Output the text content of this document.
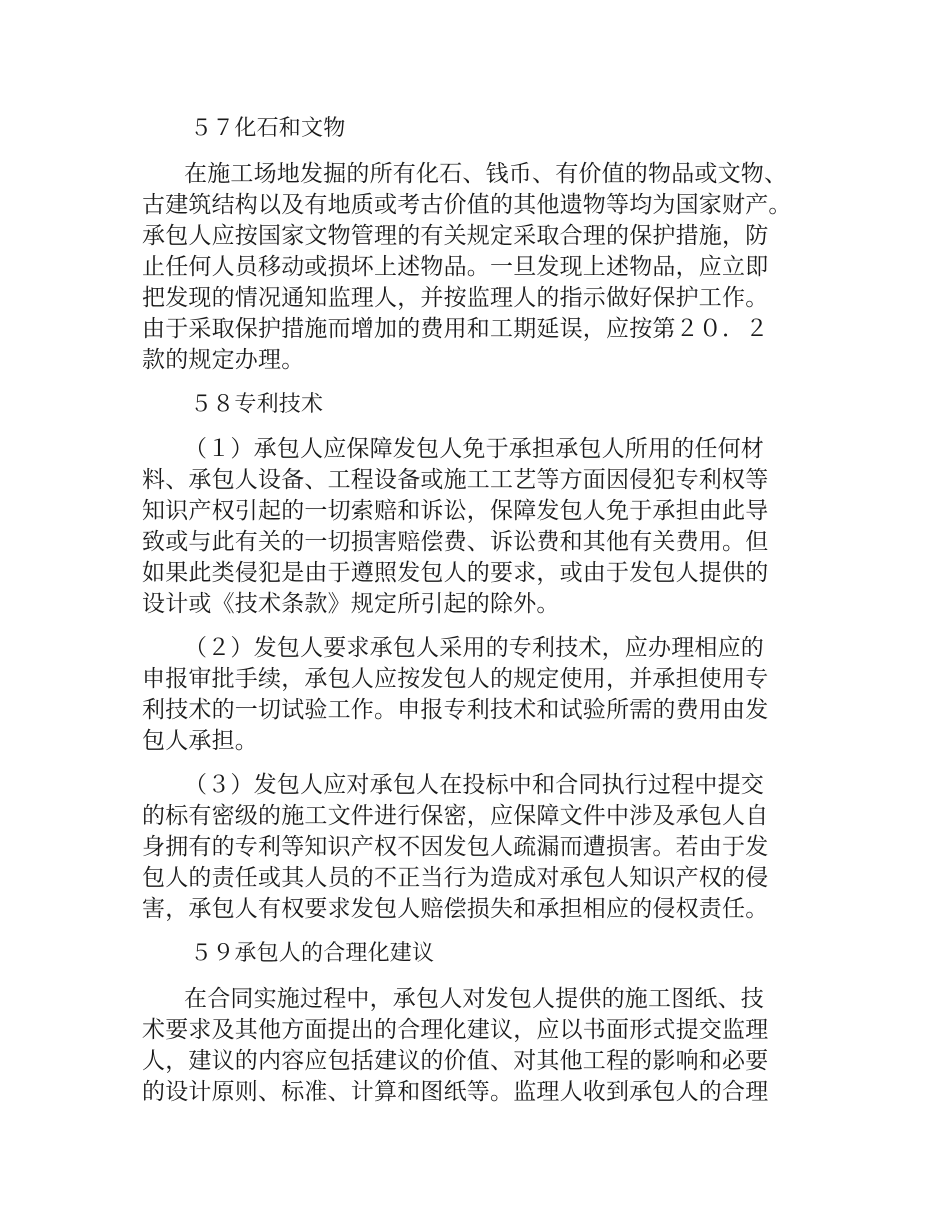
５７化石和文物
在施工场地发掘的所有化石、钱币、有价值的物品或文物、
古建筑结构以及有地质或考古价值的其他遗物等均为国家财产。
承包人应按国家文物管理的有关规定采取合理的保护措施，防
止任何人员移动或损坏上述物品。一旦发现上述物品，应立即
把发现的情况通知监理人，并按监理人的指示做好保护工作。
由于采取保护措施而增加的费用和工期延误，应按第２０．２
款的规定办理。
５８专利技术
（１）承包人应保障发包人免于承担承包人所用的任何材
料、承包人设备、工程设备或施工工艺等方面因侵犯专利权等
知识产权引起的一切索赔和诉讼，保障发包人免于承担由此导
致或与此有关的一切损害赔偿费、诉讼费和其他有关费用。但
如果此类侵犯是由于遵照发包人的要求，或由于发包人提供的
设计或《技术条款》规定所引起的除外。
（２）发包人要求承包人采用的专利技术，应办理相应的
申报审批手续，承包人应按发包人的规定使用，并承担使用专
利技术的一切试验工作。申报专利技术和试验所需的费用由发
包人承担。
（３）发包人应对承包人在投标中和合同执行过程中提交
的标有密级的施工文件进行保密，应保障文件中涉及承包人自
身拥有的专利等知识产权不因发包人疏漏而遭损害。若由于发
包人的责任或其人员的不正当行为造成对承包人知识产权的侵
害，承包人有权要求发包人赔偿损失和承担相应的侵权责任。
５９承包人的合理化建议
在合同实施过程中，承包人对发包人提供的施工图纸、技
术要求及其他方面提出的合理化建议，应以书面形式提交监理
人，建议的内容应包括建议的价值、对其他工程的影响和必要
的设计原则、标准、计算和图纸等。监理人收到承包人的合理
